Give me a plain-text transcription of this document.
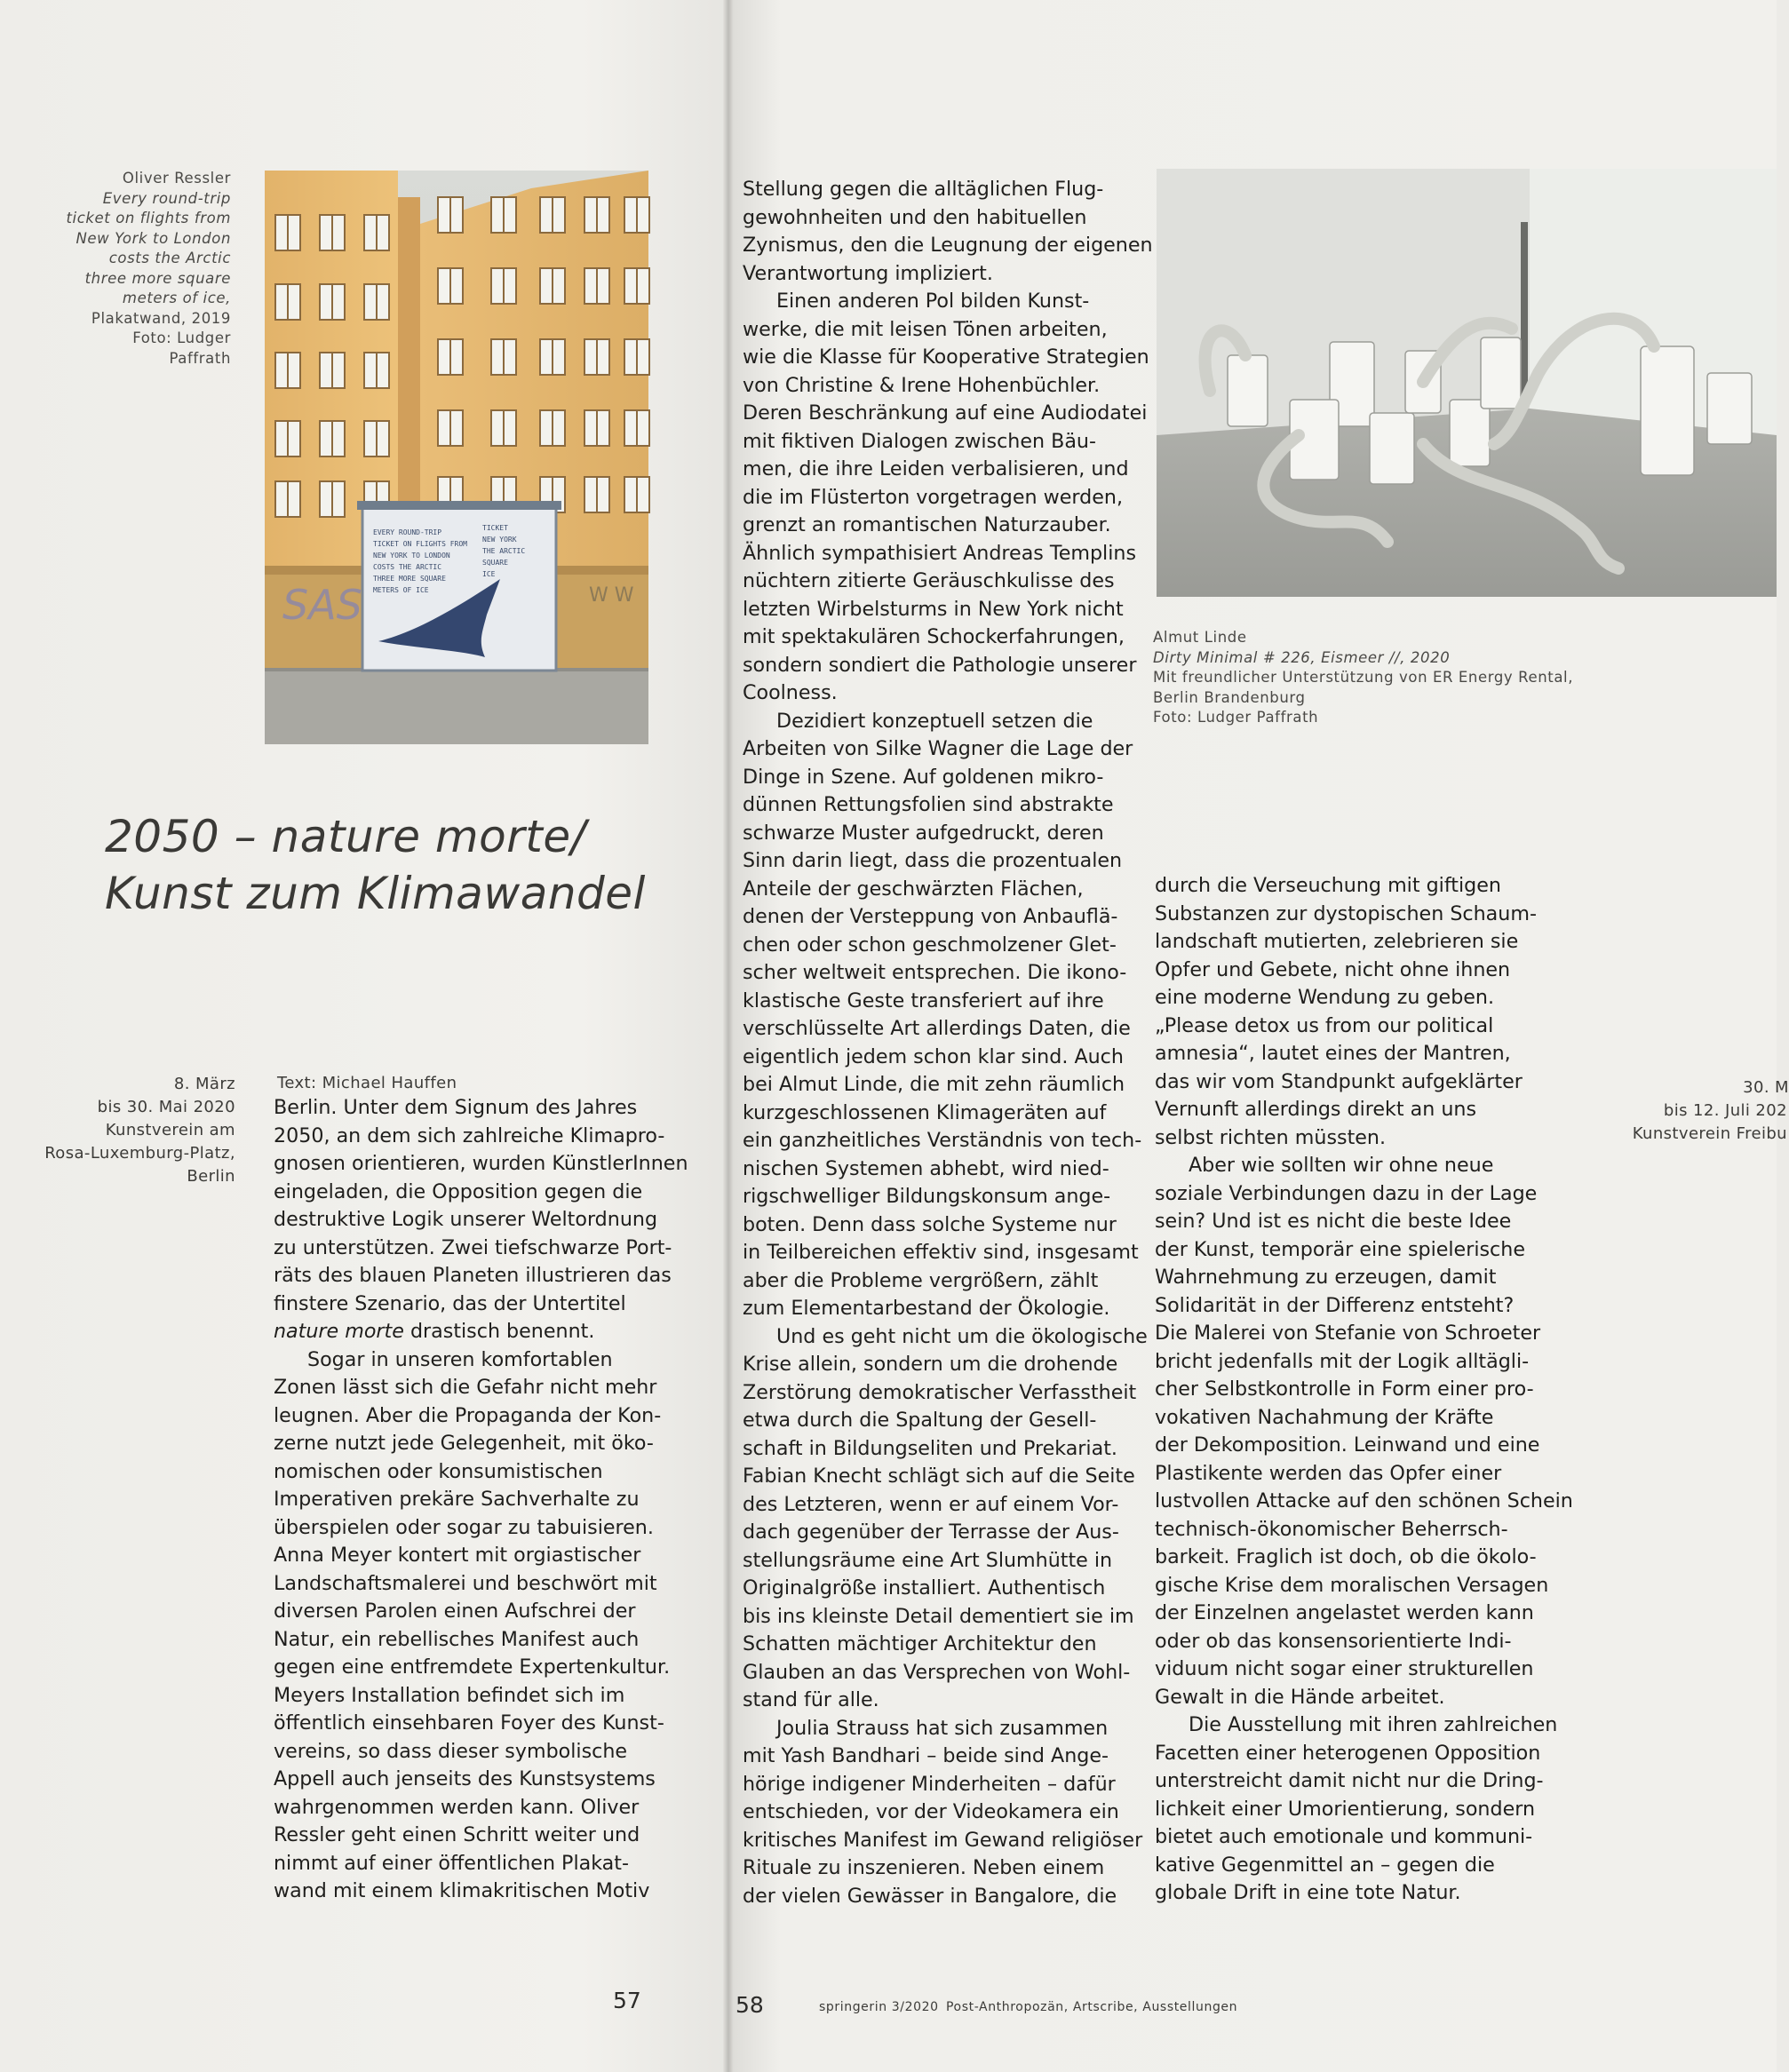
Oliver Ressler
Every round-trip
ticket on flights from
New York to London
costs the Arctic
three more square
meters of ice,
Plakatwand, 2019
Foto: Ludger
Paffrath
EVERY ROUND-TRIP TICKET ON FLIGHTS FROM NEW YORK TO LONDON COSTS THE ARCTIC THREE MORE SQUARE METERS OF ICE
TICKET NEW YORK THE ARCTIC SQUARE ICE
SAS	W W
2050 – nature morte/
Kunst zum Klimawandel
8. März
bis 30. Mai 2020
Kunstverein am
Rosa-Luxemburg-Platz,
Berlin
Text: Michael Hauffen
Berlin. Unter dem Signum des Jahres
2050, an dem sich zahlreiche Klimapro-
gnosen orientieren, wurden KünstlerInnen
eingeladen, die Opposition gegen die
destruktive Logik unserer Weltordnung
zu unterstützen. Zwei tiefschwarze Port-
räts des blauen Planeten illustrieren das
finstere Szenario, das der Untertitel
nature morte drastisch benennt.
Sogar in unseren komfortablen
Zonen lässt sich die Gefahr nicht mehr
leugnen. Aber die Propaganda der Kon-
zerne nutzt jede Gelegenheit, mit öko-
nomischen oder konsumistischen
Imperativen prekäre Sachverhalte zu
überspielen oder sogar zu tabuisieren.
Anna Meyer kontert mit orgiastischer
Landschaftsmalerei und beschwört mit
diversen Parolen einen Aufschrei der
Natur, ein rebellisches Manifest auch
gegen eine entfremdete Expertenkultur.
Meyers Installation befindet sich im
öffentlich einsehbaren Foyer des Kunst-
vereins, so dass dieser symbolische
Appell auch jenseits des Kunstsystems
wahrgenommen werden kann. Oliver
Ressler geht einen Schritt weiter und
nimmt auf einer öffentlichen Plakat-
wand mit einem klimakritischen Motiv
57
Stellung gegen die alltäglichen Flug-
gewohnheiten und den habituellen
Zynismus, den die Leugnung der eigenen
Verantwortung impliziert.
Einen anderen Pol bilden Kunst-
werke, die mit leisen Tönen arbeiten,
wie die Klasse für Kooperative Strategien
von Christine & Irene Hohenbüchler.
Deren Beschränkung auf eine Audiodatei
mit fiktiven Dialogen zwischen Bäu-
men, die ihre Leiden verbalisieren, und
die im Flüsterton vorgetragen werden,
grenzt an romantischen Naturzauber.
Ähnlich sympathisiert Andreas Templins
nüchtern zitierte Geräuschkulisse des
letzten Wirbelsturms in New York nicht
mit spektakulären Schockerfahrungen,
sondern sondiert die Pathologie unserer
Coolness.
Dezidiert konzeptuell setzen die
Arbeiten von Silke Wagner die Lage der
Dinge in Szene. Auf goldenen mikro-
dünnen Rettungsfolien sind abstrakte
schwarze Muster aufgedruckt, deren
Sinn darin liegt, dass die prozentualen
Anteile der geschwärzten Flächen,
denen der Versteppung von Anbauflä-
chen oder schon geschmolzener Glet-
scher weltweit entsprechen. Die ikono-
klastische Geste transferiert auf ihre
verschlüsselte Art allerdings Daten, die
eigentlich jedem schon klar sind. Auch
bei Almut Linde, die mit zehn räumlich
kurzgeschlossenen Klimageräten auf
ein ganzheitliches Verständnis von tech-
nischen Systemen abhebt, wird nied-
rigschwelliger Bildungskonsum ange-
boten. Denn dass solche Systeme nur
in Teilbereichen effektiv sind, insgesamt
aber die Probleme vergrößern, zählt
zum Elementarbestand der Ökologie.
Und es geht nicht um die ökologische
Krise allein, sondern um die drohende
Zerstörung demokratischer Verfasstheit
etwa durch die Spaltung der Gesell-
schaft in Bildungseliten und Prekariat.
Fabian Knecht schlägt sich auf die Seite
des Letzteren, wenn er auf einem Vor-
dach gegenüber der Terrasse der Aus-
stellungsräume eine Art Slumhütte in
Originalgröße installiert. Authentisch
bis ins kleinste Detail dementiert sie im
Schatten mächtiger Architektur den
Glauben an das Versprechen von Wohl-
stand für alle.
Joulia Strauss hat sich zusammen
mit Yash Bandhari – beide sind Ange-
hörige indigener Minderheiten – dafür
entschieden, vor der Videokamera ein
kritisches Manifest im Gewand religiöser
Rituale zu inszenieren. Neben einem
der vielen Gewässer in Bangalore, die
Almut Linde
Dirty Minimal # 226, Eismeer //, 2020
Mit freundlicher Unterstützung von ER Energy Rental,
Berlin Brandenburg
Foto: Ludger Paffrath
durch die Verseuchung mit giftigen
Substanzen zur dystopischen Schaum-
landschaft mutierten, zelebrieren sie
Opfer und Gebete, nicht ohne ihnen
eine moderne Wendung zu geben.
„Please detox us from our political
amnesia“, lautet eines der Mantren,
das wir vom Standpunkt aufgeklärter
Vernunft allerdings direkt an uns
selbst richten müssten.
Aber wie sollten wir ohne neue
soziale Verbindungen dazu in der Lage
sein? Und ist es nicht die beste Idee
der Kunst, temporär eine spielerische
Wahrnehmung zu erzeugen, damit
Solidarität in der Differenz entsteht?
Die Malerei von Stefanie von Schroeter
bricht jedenfalls mit der Logik alltägli-
cher Selbstkontrolle in Form einer pro-
vokativen Nachahmung der Kräfte
der Dekomposition. Leinwand und eine
Plastikente werden das Opfer einer
lustvollen Attacke auf den schönen Schein
technisch-ökonomischer Beherrsch-
barkeit. Fraglich ist doch, ob die ökolo-
gische Krise dem moralischen Versagen
der Einzelnen angelastet werden kann
oder ob das konsensorientierte Indi-
viduum nicht sogar einer strukturellen
Gewalt in die Hände arbeitet.
Die Ausstellung mit ihren zahlreichen
Facetten einer heterogenen Opposition
unterstreicht damit nicht nur die Dring-
lichkeit einer Umorientierung, sondern
bietet auch emotionale und kommuni-
kative Gegenmittel an – gegen die
globale Drift in eine tote Natur.
30. M
bis 12. Juli 202
Kunstverein Freibu
58	springerin 3/2020 Post-Anthropozän, Artscribe, Ausstellungen
